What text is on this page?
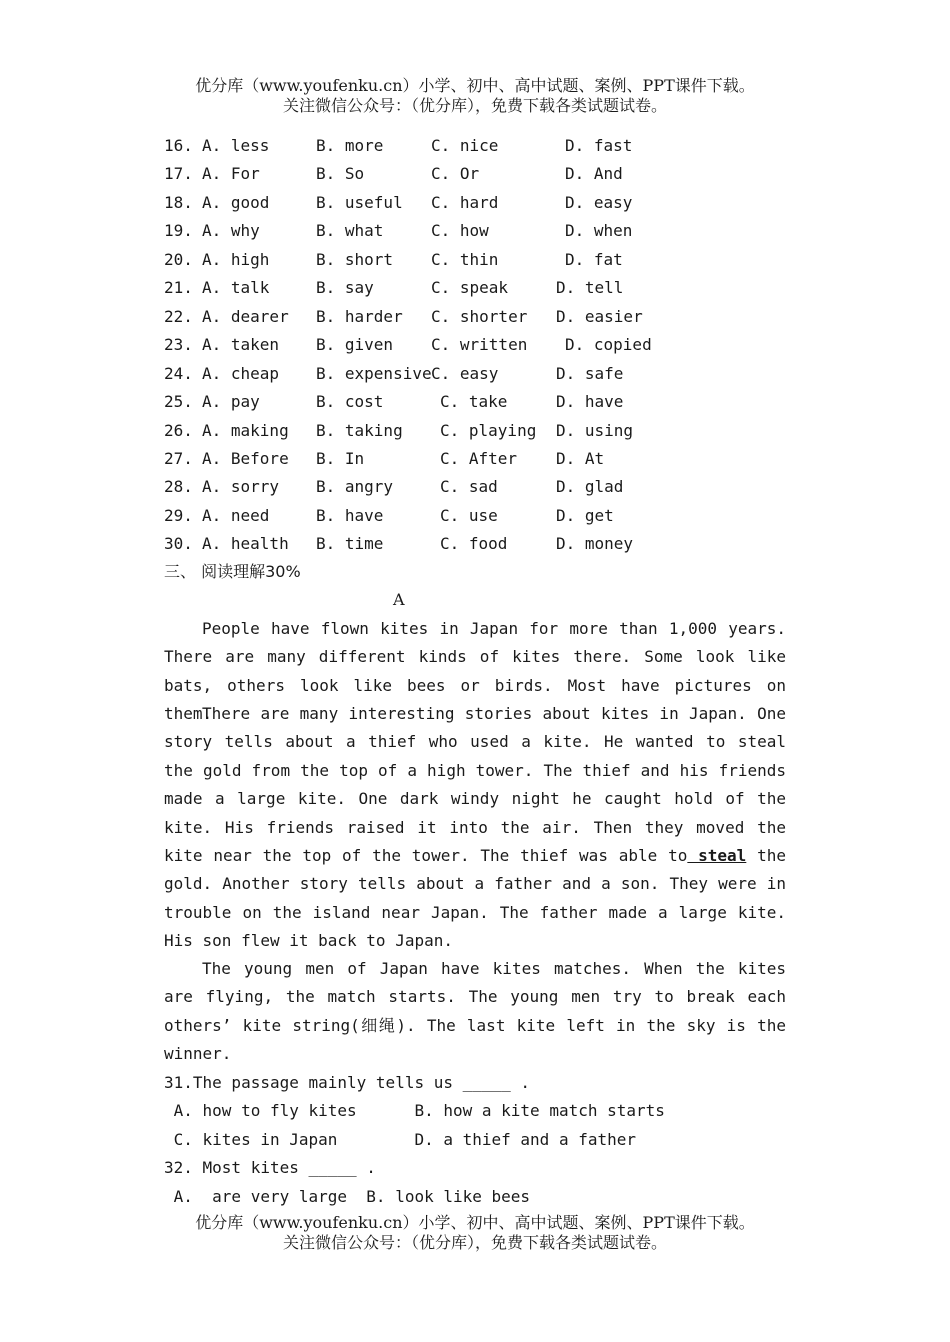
优分库（www.youfenku.cn）小学、初中、高中试题、案例、PPT课件下载。
关注微信公众号：（优分库），免费下载各类试题试卷。
16. A. less	B. more	C. nice	D. fast
17. A. For	B. So	C. Or	D. And
18. A. good	B. useful C. hard	D. easy
19. A. why	B. what	C. how	D. when
20. A. high	B. short C. thin	D. fat
21. A. talk	B. say	C. speak	D. tell
22. A. dearer B. harder C. shorter D. easier
23. A. taken B. given C. written D. copied
24. A. cheap B. expensive C. easy	D. safe
25. A. pay	B. cost	C. take	D. have
26. A. making B. taking C. playing D. using
27. A. Before B. In	C. After D. At
28. A. sorry B. angry	C. sad	D. glad
29. A. need	B. have	C. use	D. get
30. A. health B. time	C. food	D. money
三、 阅读理解30%
A
People have flown kites in Japan for more than 1,000 years. There are many different kinds of kites there. Some look like bats, others look like bees or birds. Most have pictures on them.
There are many interesting stories about kites in Japan. One story tells about a thief who used a kite. He wanted to steal the gold from the top of a high tower. The thief and his friends made a large kite. One dark windy night he caught hold of the kite. His friends raised it into the air. Then they moved the kite near the top of the tower. The thief was able to steal the gold. Another story tells about a father and a son. They were in trouble on the island near Japan. The father made a large kite. His son flew it back to Japan.
The young men of Japan have kites matches. When the kites are flying, the match starts. The young men try to break each others’ kite string(细绳). The last kite left in the sky is the winner.
31.The passage mainly tells us _____ .
A. how to fly kites      B. how a kite match starts
C. kites in Japan        D. a thief and a father
32. Most kites _____ .
A.  are very large  B. look like bees
优分库（www.youfenku.cn）小学、初中、高中试题、案例、PPT课件下载。
关注微信公众号：（优分库），免费下载各类试题试卷。
